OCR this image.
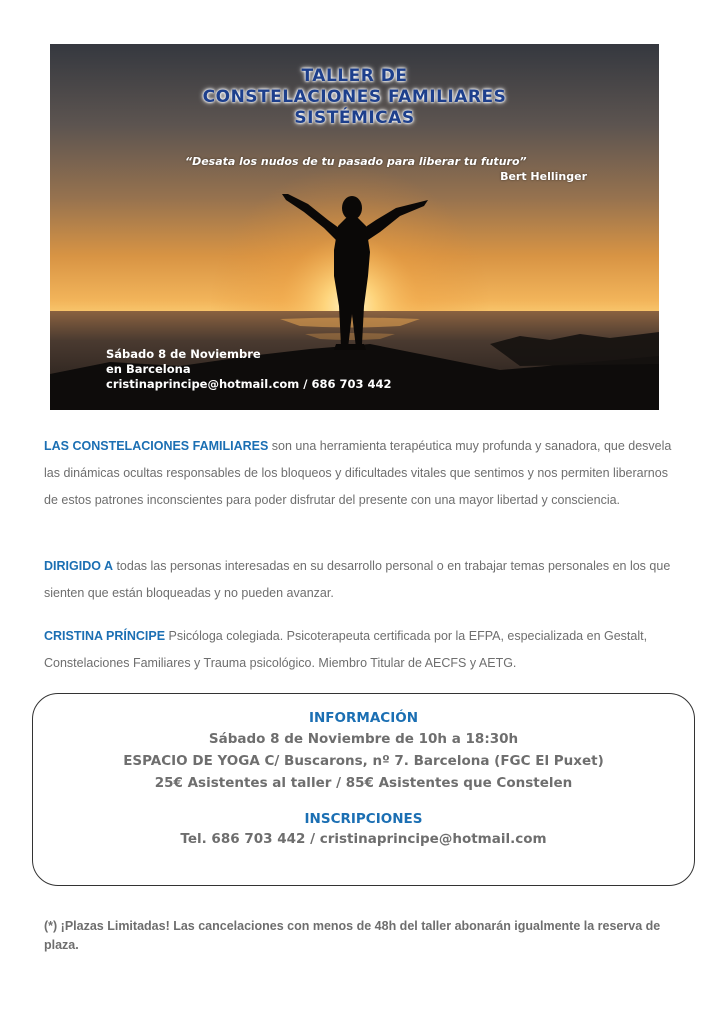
TALLER DE
CONSTELACIONES FAMILIARES
SISTÉMICAS
“Desata los nudos de tu pasado para liberar tu futuro”
Bert Hellinger
Sábado 8 de Noviembre
en Barcelona
cristinaprincipe@hotmail.com / 686 703 442
LAS CONSTELACIONES FAMILIARES son una herramienta terapéutica muy profunda y sanadora, que desvela las dinámicas ocultas responsables de los bloqueos y dificultades vitales que sentimos y nos permiten liberarnos de estos patrones inconscientes para poder disfrutar del presente con una mayor libertad y consciencia.
DIRIGIDO A todas las personas interesadas en su desarrollo personal o en trabajar temas personales en los que sienten que están bloqueadas y no pueden avanzar.
CRISTINA PRÍNCIPE Psicóloga colegiada. Psicoterapeuta certificada por la EFPA, especializada en Gestalt, Constelaciones Familiares y Trauma psicológico. Miembro Titular de AECFS y AETG.
INFORMACIÓN
Sábado 8 de Noviembre de 10h a 18:30h
ESPACIO DE YOGA C/ Buscarons, nº 7. Barcelona (FGC El Puxet)
25€ Asistentes al taller / 85€ Asistentes que Constelen
INSCRIPCIONES
Tel. 686 703 442 / cristinaprincipe@hotmail.com
(*) ¡Plazas Limitadas! Las cancelaciones con menos de 48h del taller abonarán igualmente la reserva de plaza.
